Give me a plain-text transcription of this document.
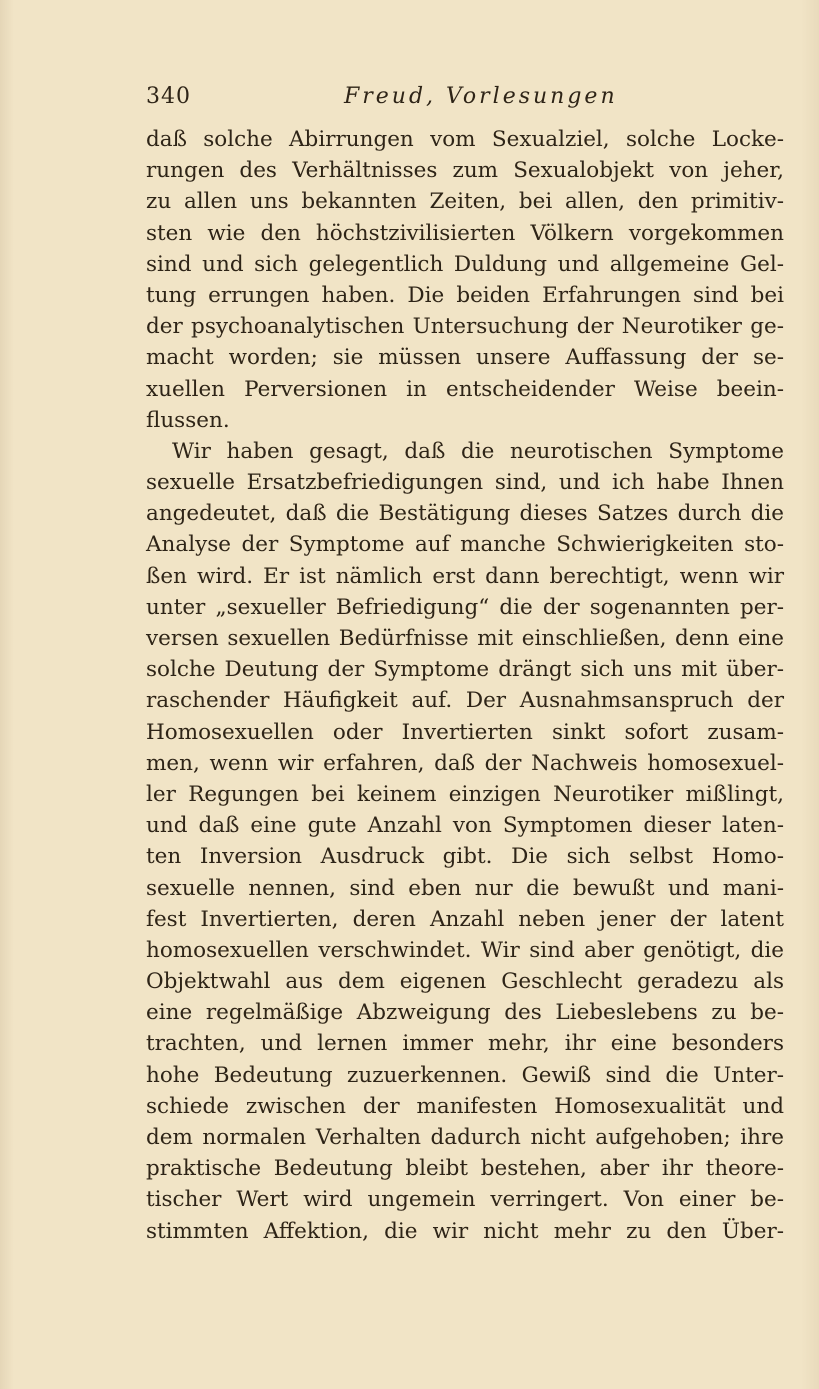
340	Freud, Vorlesungen
daß solche Abirrungen vom Sexualziel, solche Locke-
rungen des Verhältnisses zum Sexualobjekt von jeher,
zu allen uns bekannten Zeiten, bei allen, den primitiv-
sten wie den höchstzivilisierten Völkern vorgekommen
sind und sich gelegentlich Duldung und allgemeine Gel-
tung errungen haben. Die beiden Erfahrungen sind bei
der psychoanalytischen Untersuchung der Neurotiker ge-
macht worden; sie müssen unsere Auffassung der se-
xuellen Perversionen in entscheidender Weise beein-
flussen.
Wir haben gesagt, daß die neurotischen Symptome
sexuelle Ersatzbefriedigungen sind, und ich habe Ihnen
angedeutet, daß die Bestätigung dieses Satzes durch die
Analyse der Symptome auf manche Schwierigkeiten sto-
ßen wird. Er ist nämlich erst dann berechtigt, wenn wir
unter „sexueller Befriedigung“ die der sogenannten per-
versen sexuellen Bedürfnisse mit einschließen, denn eine
solche Deutung der Symptome drängt sich uns mit über-
raschender Häufigkeit auf. Der Ausnahmsanspruch der
Homosexuellen oder Invertierten sinkt sofort zusam-
men, wenn wir erfahren, daß der Nachweis homosexuel-
ler Regungen bei keinem einzigen Neurotiker mißlingt,
und daß eine gute Anzahl von Symptomen dieser laten-
ten Inversion Ausdruck gibt. Die sich selbst Homo-
sexuelle nennen, sind eben nur die bewußt und mani-
fest Invertierten, deren Anzahl neben jener der latent
homosexuellen verschwindet. Wir sind aber genötigt, die
Objektwahl aus dem eigenen Geschlecht geradezu als
eine regelmäßige Abzweigung des Liebeslebens zu be-
trachten, und lernen immer mehr, ihr eine besonders
hohe Bedeutung zuzuerkennen. Gewiß sind die Unter-
schiede zwischen der manifesten Homosexualität und
dem normalen Verhalten dadurch nicht aufgehoben; ihre
praktische Bedeutung bleibt bestehen, aber ihr theore-
tischer Wert wird ungemein verringert. Von einer be-
stimmten Affektion, die wir nicht mehr zu den Über-
